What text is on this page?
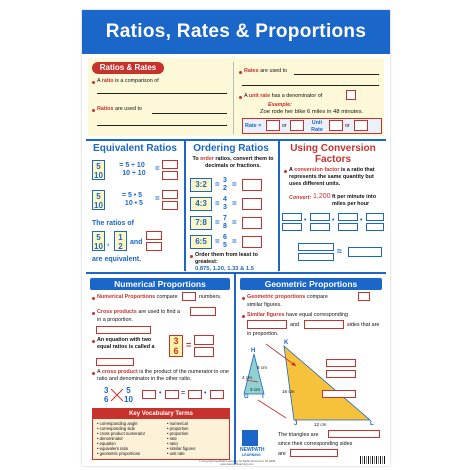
Ratios, Rates & Proportions
Ratios & Rates
A ratio is a comparison of
Ratios are used to
Rates are used to
A unit rate has a denominator of
Example:
Zoe rode her bike 6 miles in 48 minutes.
Rate =	or	Unit Rate
or
Equivalent Ratios
5
10
= 5 ÷ 10
10 ÷ 10
=
5
10
= 5 • 5
10 • 5
=
The ratios of
5
10 ,
1
2	and
are equivalent.
Ordering Ratios
To order ratios, convert them to decimals or fractions.
3:2	= 3
2 =
4:3	= 4
3 =
7:8	= 7
8 =
6:5	= 6
5 =
Order them from least to greatest:
0.875, 1.20, 1.33 & 1.5
Using Conversion Factors
A conversion factor is a ratio that represents the same quantity but uses different units.
Convert: 1,200 ft per minute into miles per hour
•	•	•
≈
Numerical Proportions
Numerical Proportions compare	numbers.
Cross products are used to find a
in a proportion.
An equation with two equal ratios is called a
3
6
=
A cross product is the product of the numerator in one ratio and denominator in the other ratio.
3
6
5
10
•	=	•
Key Vocabulary Terms
• corresponding angle
• corresponding side
• cross product numerator
• denominator
• equation
• equivalent ratio
• geometric proportions
• numerical
• proportion
• proportion
• rate
• ratio
• similar figures
• unit rate
Geometric Proportions
Geometric proportions compare
similar figures.
Similar figures have equal corresponding
and	sides that are
in proportion.
H
K
G I
J	L
6 cm
4 cm
3 cm	16 cm
12 cm
The triangles are
since their corresponding sides
are
NEWPATH
LEARNING
© Copyright NewPath Learning. All Rights Reserved. 93-4966
www.newpathlearning.com
